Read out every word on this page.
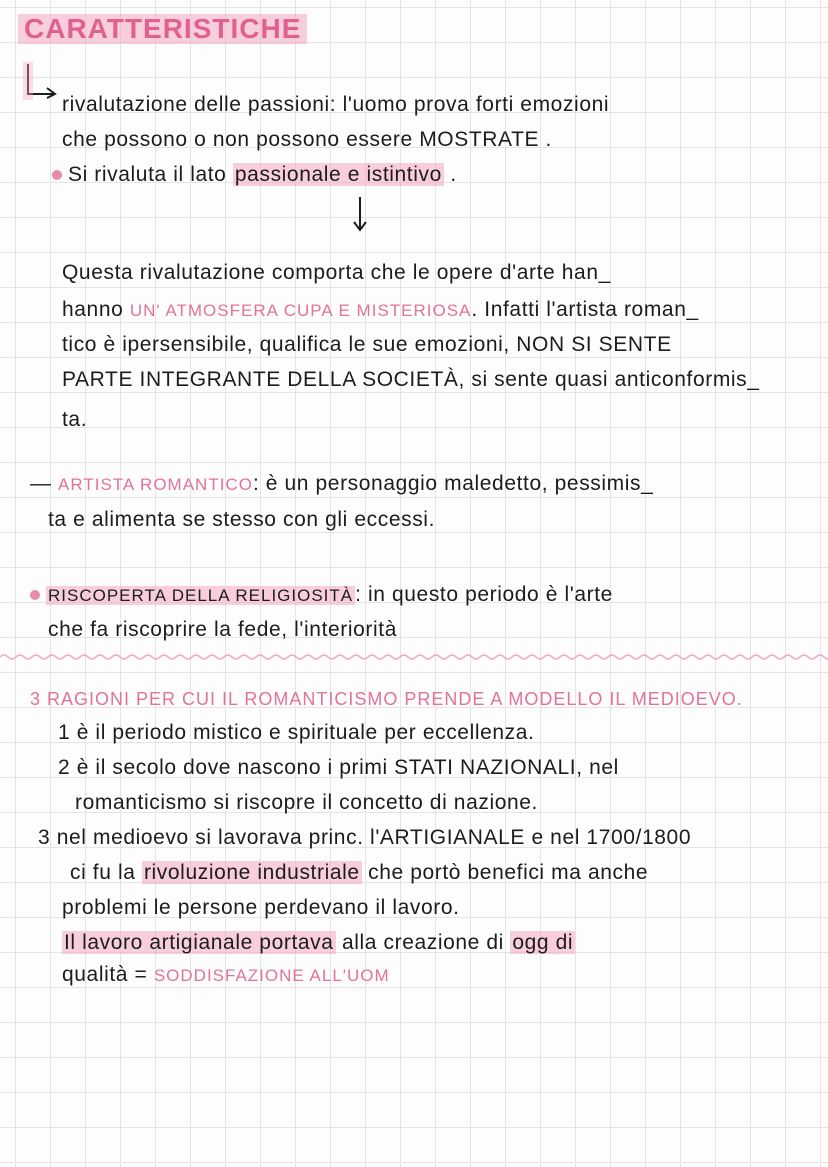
CARATTERISTICHE
rivalutazione delle passioni: l'uomo prova forti emozioni
che possono o non possono essere MOSTRATE .
Si rivaluta il lato passionale e istintivo .
Questa rivalutazione comporta che le opere d'arte han_
hanno UN' ATMOSFERA CUPA E MISTERIOSA. Infatti l'artista roman_
tico è ipersensibile, qualifica le sue emozioni, NON SI SENTE
PARTE INTEGRANTE DELLA SOCIETÀ, si sente quasi anticonformis_
ta.
— ARTISTA ROMANTICO: è un personaggio maledetto, pessimis_
ta e alimenta se stesso con gli eccessi.
RISCOPERTA DELLA RELIGIOSITÀ: in questo periodo è l'arte
che fa riscoprire la fede, l'interiorità
3 RAGIONI PER CUI IL ROMANTICISMO PRENDE A MODELLO IL MEDIOEVO.
1 è il periodo mistico e spirituale per eccellenza.
2 è il secolo dove nascono i primi STATI NAZIONALI, nel
romanticismo si riscopre il concetto di nazione.
3 nel medioevo si lavorava princ. l'ARTIGIANALE e nel 1700/1800
ci fu la rivoluzione industriale che portò benefici ma anche
problemi le persone perdevano il lavoro.
Il lavoro artigianale portava alla creazione di ogg di
qualità = SODDISFAZIONE ALL'UOM
